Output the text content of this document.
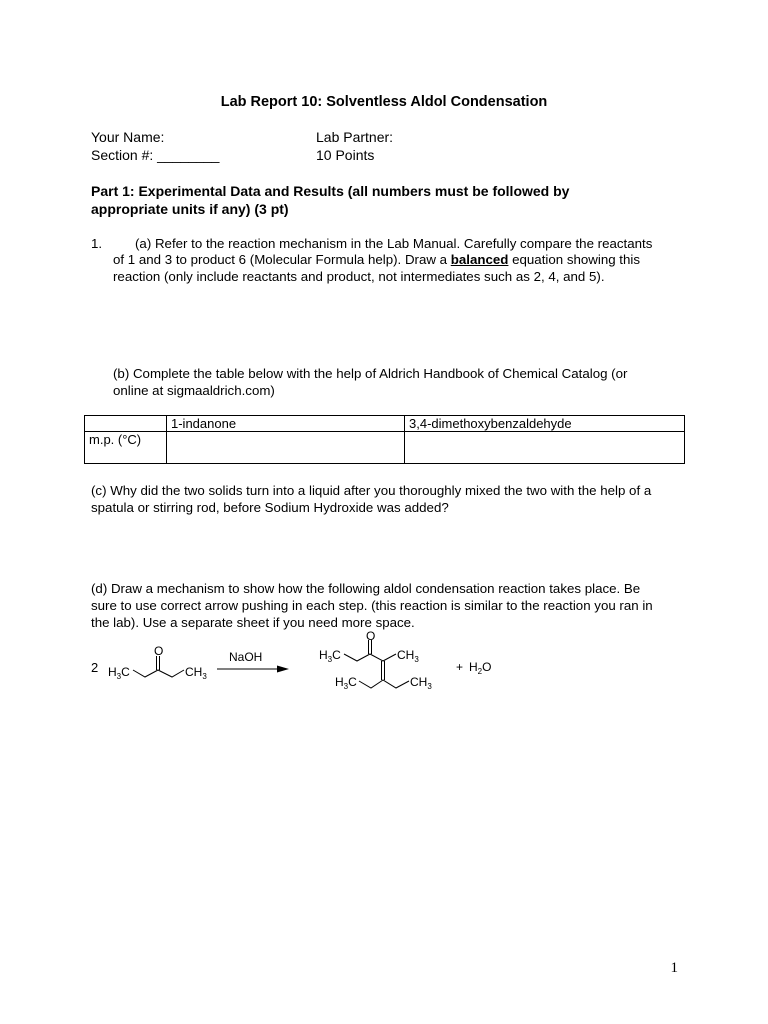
Lab Report 10: Solventless Aldol Condensation
Your Name:
Section #: ________
Lab Partner:
10 Points
Part 1: Experimental Data and Results (all numbers must be followed by
appropriate units if any) (3 pt)
1. (a) Refer to the reaction mechanism in the Lab Manual. Carefully compare the reactants
of 1 and 3 to product 6 (Molecular Formula help). Draw a balanced equation showing this
reaction (only include reactants and product, not intermediates such as 2, 4, and 5).
(b) Complete the table below with the help of Aldrich Handbook of Chemical Catalog (or
online at sigmaaldrich.com)
	1-indanone	3,4-dimethoxybenzaldehyde
m.p. (°C)		
(c) Why did the two solids turn into a liquid after you thoroughly mixed the two with the help of a
spatula or stirring rod, before Sodium Hydroxide was added?
(d) Draw a mechanism to show how the following aldol condensation reaction takes place. Be
sure to use correct arrow pushing in each step. (this reaction is similar to the reaction you ran in
the lab). Use a separate sheet if you need more space.
2 $H_3C$
O
$CH_3$
NaOH	$H_3C$
O
$CH_3$
$H_3C$	$CH_3$
+ $H_2O$
1
